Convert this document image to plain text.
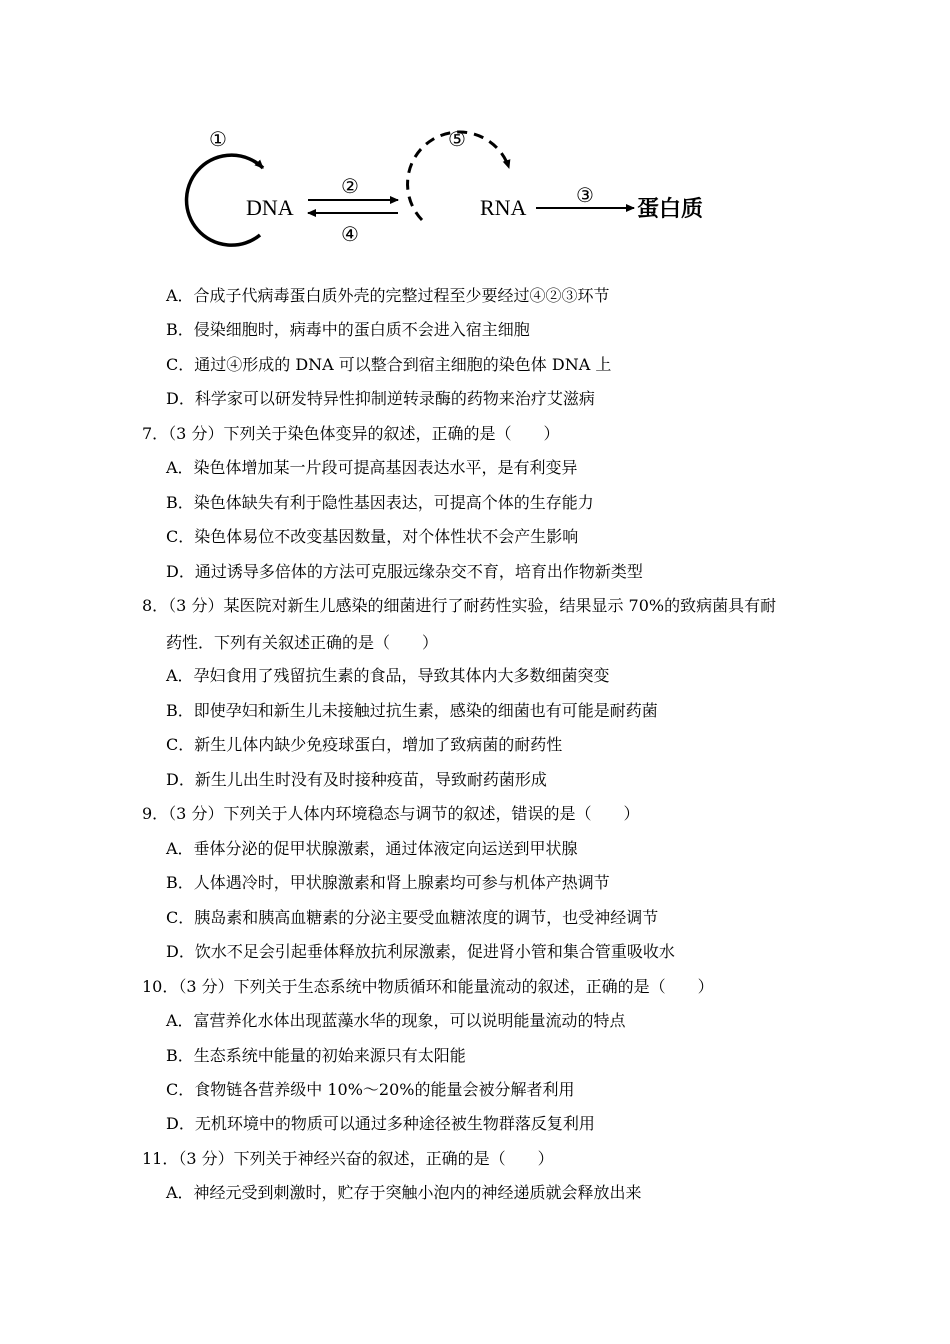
①
DNA
②
④
⑤
RNA ③
蛋白质
A．合成子代病毒蛋白质外壳的完整过程至少要经过④②③环节
B．侵染细胞时，病毒中的蛋白质不会进入宿主细胞
C．通过④形成的 DNA 可以整合到宿主细胞的染色体 DNA 上
D．科学家可以研发特异性抑制逆转录酶的药物来治疗艾滋病
7．（3 分）下列关于染色体变异的叙述，正确的是（　　）
A．染色体增加某一片段可提高基因表达水平，是有利变异
B．染色体缺失有利于隐性基因表达，可提高个体的生存能力
C．染色体易位不改变基因数量，对个体性状不会产生影响
D．通过诱导多倍体的方法可克服远缘杂交不育，培育出作物新类型
8．（3 分）某医院对新生儿感染的细菌进行了耐药性实验，结果显示 70%的致病菌具有耐
药性．下列有关叙述正确的是（　　）
A．孕妇食用了残留抗生素的食品，导致其体内大多数细菌突变
B．即使孕妇和新生儿未接触过抗生素，感染的细菌也有可能是耐药菌
C．新生儿体内缺少免疫球蛋白，增加了致病菌的耐药性
D．新生儿出生时没有及时接种疫苗，导致耐药菌形成
9．（3 分）下列关于人体内环境稳态与调节的叙述，错误的是（　　）
A．垂体分泌的促甲状腺激素，通过体液定向运送到甲状腺
B．人体遇冷时，甲状腺激素和肾上腺素均可参与机体产热调节
C．胰岛素和胰高血糖素的分泌主要受血糖浓度的调节，也受神经调节
D．饮水不足会引起垂体释放抗利尿激素，促进肾小管和集合管重吸收水
10．（3 分）下列关于生态系统中物质循环和能量流动的叙述，正确的是（　　）
A．富营养化水体出现蓝藻水华的现象，可以说明能量流动的特点
B．生态系统中能量的初始来源只有太阳能
C．食物链各营养级中 10%～20%的能量会被分解者利用
D．无机环境中的物质可以通过多种途径被生物群落反复利用
11．（3 分）下列关于神经兴奋的叙述，正确的是（　　）
A．神经元受到刺激时，贮存于突触小泡内的神经递质就会释放出来
